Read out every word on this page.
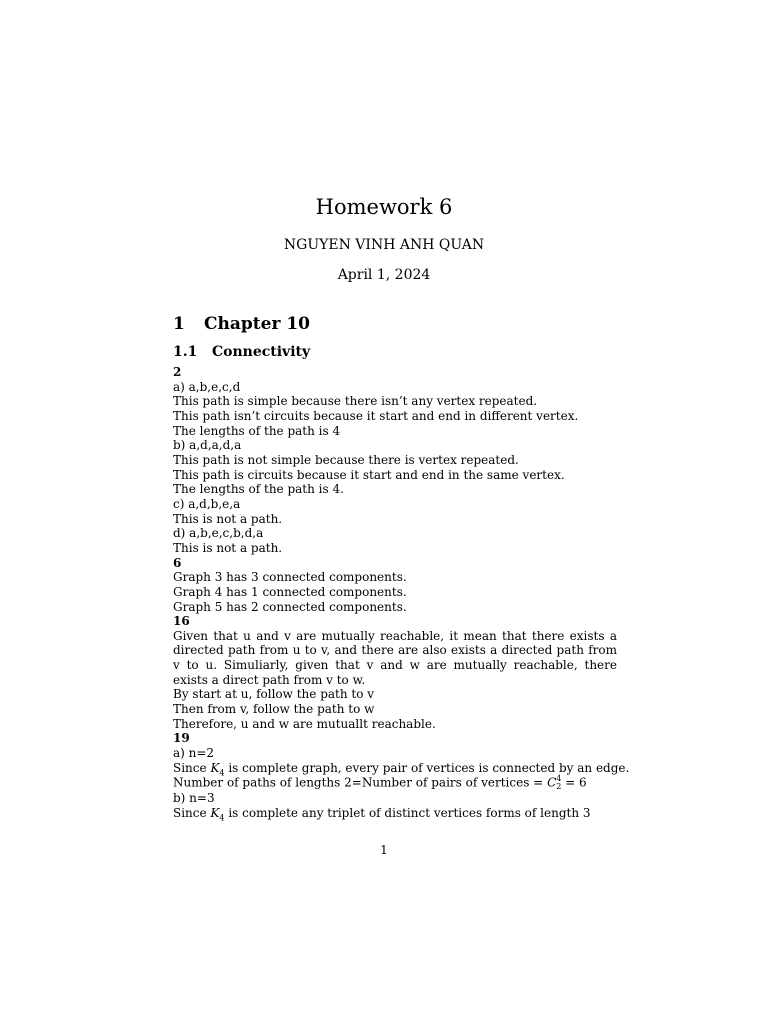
Homework 6
NGUYEN VINH ANH QUAN
April 1, 2024
1	Chapter 10
1.1	Connectivity
2
a) a,b,e,c,d
This path is simple because there isn’t any vertex repeated.
This path isn’t circuits because it start and end in different vertex.
The lengths of the path is 4
b) a,d,a,d,a
This path is not simple because there is vertex repeated.
This path is circuits because it start and end in the same vertex.
The lengths of the path is 4.
c) a,d,b,e,a
This is not a path.
d) a,b,e,c,b,d,a
This is not a path.
6
Graph 3 has 3 connected components.
Graph 4 has 1 connected components.
Graph 5 has 2 connected components.
16
Given that u and v are mutually reachable, it mean that there exists a directed path from u to v, and there are also exists a directed path from v to u. Simuliarly, given that v and w are mutually reachable, there exists a direct path from v to w.
By start at u, follow the path to v
Then from v, follow the path to w
Therefore, u and w are mutuallt reachable.
19
a) n=2
Since $K_4$ is complete graph, every pair of vertices is connected by an edge.
Number of paths of lengths 2=Number of pairs of vertices = C 4
2 = 6
b) n=3
Since $K_4$ is complete any triplet of distinct vertices forms of length 3
1
